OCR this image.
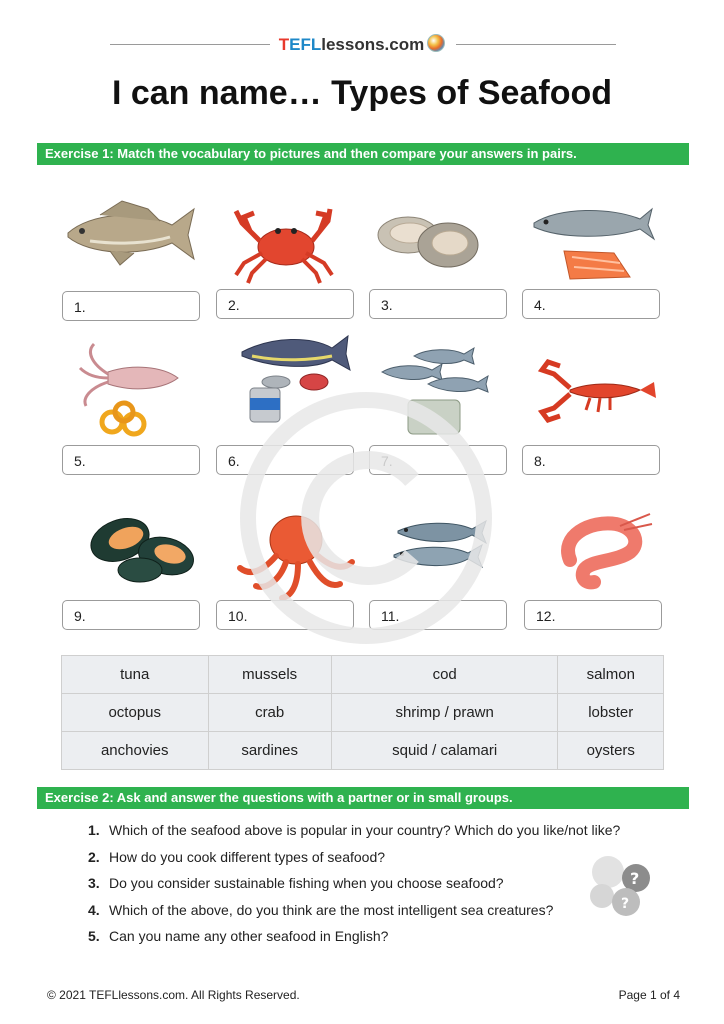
TEFLlessons.com
I can name… Types of Seafood
Exercise 1: Match the vocabulary to pictures and then compare your answers in pairs.
1.	2.	3.	4.
5.	6.	7.	8.
9.	10.	11.	12.
tuna	mussels	cod	salmon
octopus	crab	shrimp / prawn	lobster
anchovies	sardines	squid / calamari	oysters
Exercise 2: Ask and answer the questions with a partner or in small groups.
1. Which of the seafood above is popular in your country? Which do you like/not like?
2. How do you cook different types of seafood?
3. Do you consider sustainable fishing when you choose seafood?
4. Which of the above, do you think are the most intelligent sea creatures?
5. Can you name any other seafood in English?
?
?
© 2021 TEFLlessons.com. All Rights Reserved.	Page 1 of 4
